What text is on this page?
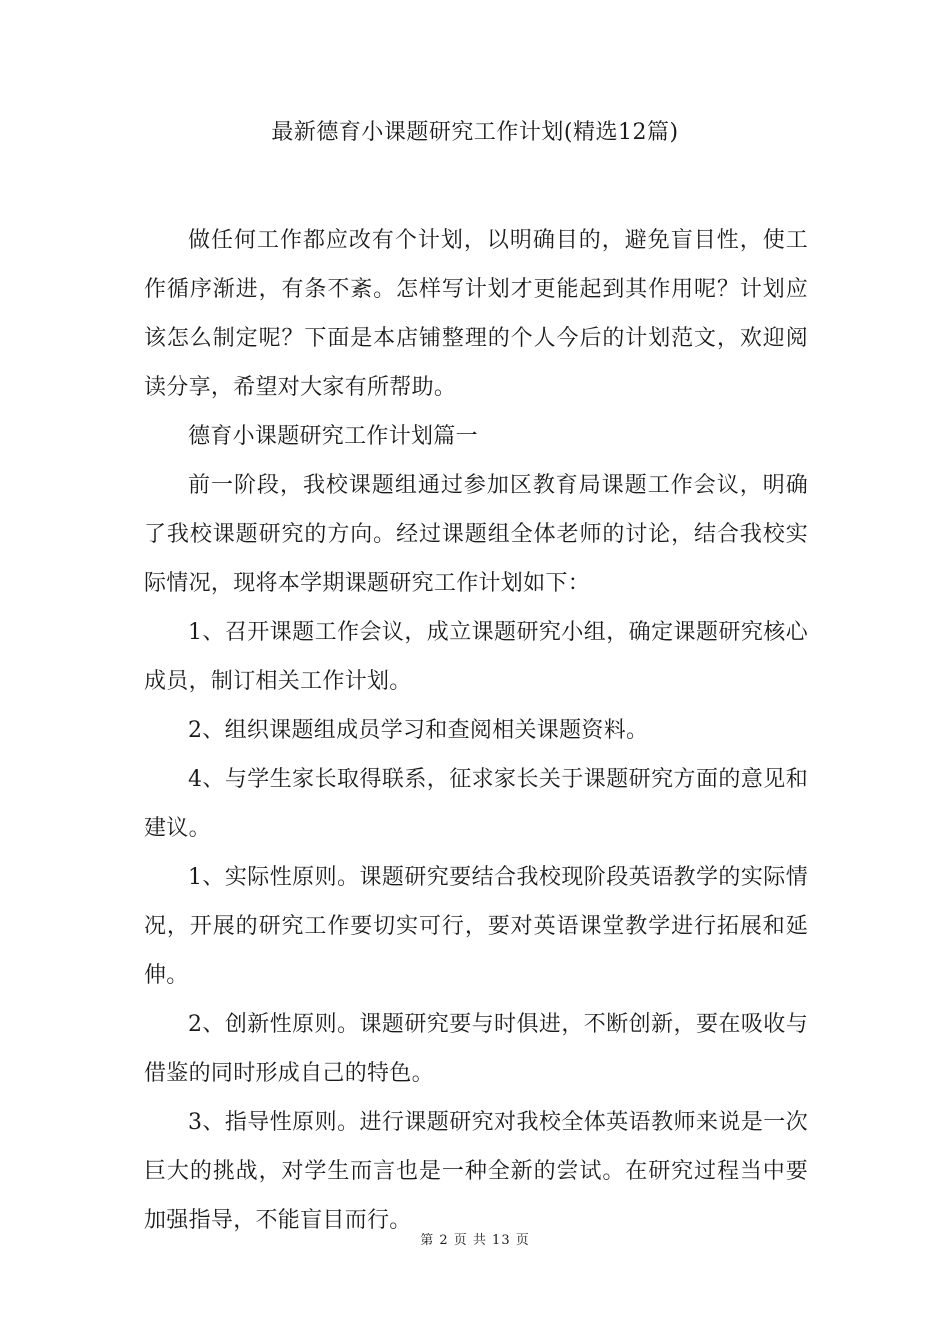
最新德育小课题研究工作计划(精选12篇)

做任何工作都应改有个计划，以明确目的，避免盲目性，使工作循序渐进，有条不紊。怎样写计划才更能起到其作用呢？计划应该怎么制定呢？下面是本店铺整理的个人今后的计划范文，欢迎阅读分享，希望对大家有所帮助。

德育小课题研究工作计划篇一

前一阶段，我校课题组通过参加区教育局课题工作会议，明确了我校课题研究的方向。经过课题组全体老师的讨论，结合我校实际情况，现将本学期课题研究工作计划如下：

1、召开课题工作会议，成立课题研究小组，确定课题研究核心成员，制订相关工作计划。

2、组织课题组成员学习和查阅相关课题资料。

4、与学生家长取得联系，征求家长关于课题研究方面的意见和建议。

1、实际性原则。课题研究要结合我校现阶段英语教学的实际情况，开展的研究工作要切实可行，要对英语课堂教学进行拓展和延伸。

2、创新性原则。课题研究要与时俱进，不断创新，要在吸收与借鉴的同时形成自己的特色。

3、指导性原则。进行课题研究对我校全体英语教师来说是一次巨大的挑战，对学生而言也是一种全新的尝试。在研究过程当中要加强指导，不能盲目而行。

第 2 页 共 13 页
